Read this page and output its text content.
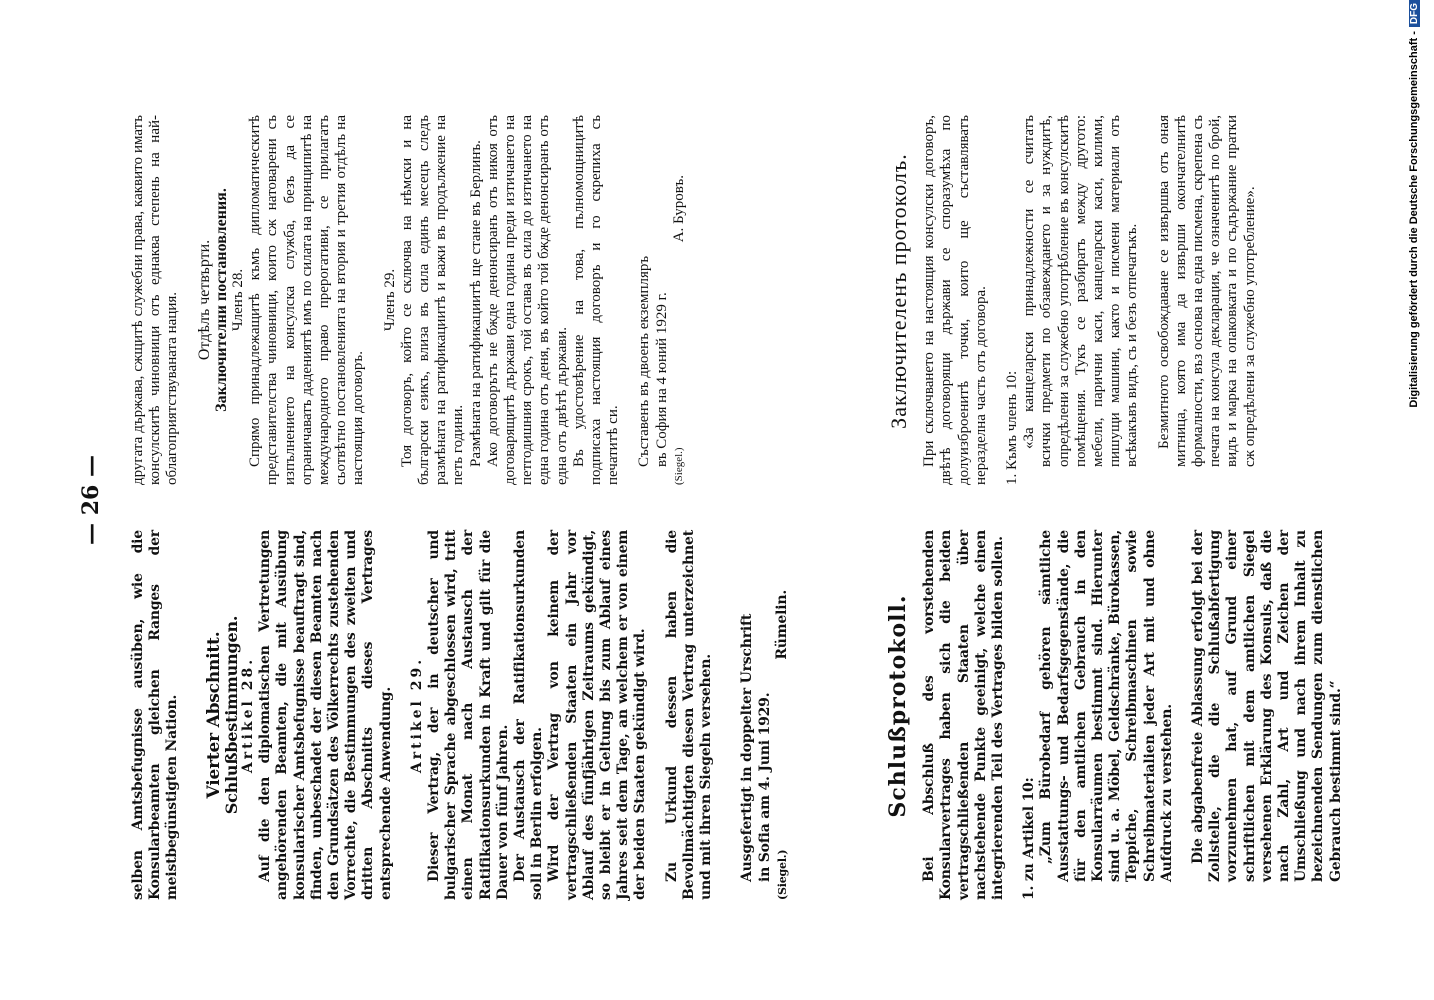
— 26 —

selben Amtsbefugnisse ausüben, wie die Konsularbeamten gleichen Ranges der meistbegünstigten Nation. Vierter Abschnitt.

Schlußbestimmungen. Artikel 28. Auf die den diplomatischen Vertretungen angehörenden Beamten, die mit Ausübung konsularischer Amtsbefugnisse beauftragt sind, finden, unbeschadet der diesen Beamten nach den Grundsätzen des Völkerrechts zustehenden Vorrechte, die Bestimmungen des zweiten und dritten Abschnitts dieses Vertrages entsprechende Anwendung. Artikel 29. Dieser Vertrag, der in deutscher und bulgarischer Sprache abgeschlossen wird, tritt einen Monat nach Austausch der Ratifikationsurkunden in Kraft und gilt für die Dauer von fünf Jahren. Der Austausch der Ratifikationsurkunden soll in Berlin erfolgen. Wird der Vertrag von keinem der vertragschließenden Staaten ein Jahr vor Ablauf des fünfjährigen Zeitraums gekündigt, so bleibt er in Geltung bis zum Ablauf eines Jahres seit dem Tage, an welchem er von einem der beiden Staaten gekündigt wird. Zu Urkund dessen haben die Bevollmächtigten diesen Vertrag unterzeichnet und mit ihren Siegeln versehen. Ausgefertigt in doppelter Urschrift in Sofia am 4. Juni 1929. (Siegel.)
Rümelin.

другата държава, сжщитѣ служебни права, каквито иматъ консулскитѣ чиновници отъ еднаква степень на най-облагоприятствуваната нация. Отдѣлъ четвърти. Заключителни постановления. Членъ 28. Спрямо принадлежащитѣ къмъ дипломатическитѣ представителства чиновници, които сж натоварени съ изпълнението на консулска служба, безъ да се ограничаватъ дадениятѣ имъ по силата на принципитѣ на международното право прерогативи, се прилагатъ сьотвѣтно постановленията на втория и третия отдѣлъ на настоящия договоръ.

Членъ 29. Тоя договоръ, който се сключва на нѣмски и на български езикъ, влиза въ сила единъ месецъ следъ размѣната на ратификациитѣ и важи въ продължение на петь години. Размѣната на ратификациитѣ ще стане въ Берлинъ. Ако договорътъ не бжде денонсиранъ отъ никоя отъ договарящитѣ държави една година преди изтичането на петгодишния срокъ, той остава въ сила до изтичането на една година отъ деня, въ който той бжде денонсиранъ отъ една отъ двѣтѣ държави. Въ удостовѣрение на това, пълномощницитѣ подписаха настоящия договоръ и го скрепиха съ печатитѣ си. Съставенъ въ двоенъ екземпляръ въ София на 4 юний 1929 г. (Siegel.)
А. Буровъ.

Schlußprotokoll. Bei Abschluß des vorstehenden Konsularvertrages haben sich die beiden vertragschließenden Staaten über nachstehende Punkte geeinigt, welche einen integrierenden Teil des Vertrages bilden sollen. 1. zu Artikel 10: „Zum Bürobedarf gehören sämtliche Ausstattungs- und Bedarfsgegenstände, die für den amtlichen Gebrauch in den Konsularräumen bestimmt sind. Hierunter sind u. a. Möbel, Geldschränke, Bürokassen, Teppiche, Schreibmaschinen sowie Schreibmaterialien jeder Art mit und ohne Aufdruck zu verstehen. Die abgabenfreie Ablassung erfolgt bei der Zollstelle, die die Schlußabfertigung vorzunehmen hat, auf Grund einer schriftlichen mit dem amtlichen Siegel versehenen Erklärung des Konsuls, daß die nach Zahl, Art und Zeichen der Umschließung und nach ihrem Inhalt zu bezeichnenden Sendungen zum dienstlichen Gebrauch bestimmt sind.“

Заключителенъ протоколъ. При сключването на настоящия консулски договоръ, двѣтѣ договорящи държави се споразумѣха по долуизброенитѣ точки, които ще съставляватъ неразделна часть отъ договора. 1. Къмъ членъ 10: «За канцеларски принадлежности се считатъ всички предмети по обзавеждането и за нуждитѣ, опредѣлени за служебно употрѣбление въ консулскитѣ помѣщения. Тукъ се разбиратъ между другото: мебели, парични каси, канцеларски каси, килими, пишущи машини, както и писмени материали отъ всѣкакъвъ видъ, съ и безъ отпечатъкъ. Безмитното освобождаване се извършва отъ оная митница, която има да извърши окончателнитѣ формалности, въз основа на една писмена, скрепена съ печата на консула декларация, че означенитѣ по брой, видъ и марка на опаковката и по съдържание пратки сж опредѣлени за служебно употребление».	Digitalisierung gefördert durch die Deutsche Forschungsgemeinschaft -DFG
